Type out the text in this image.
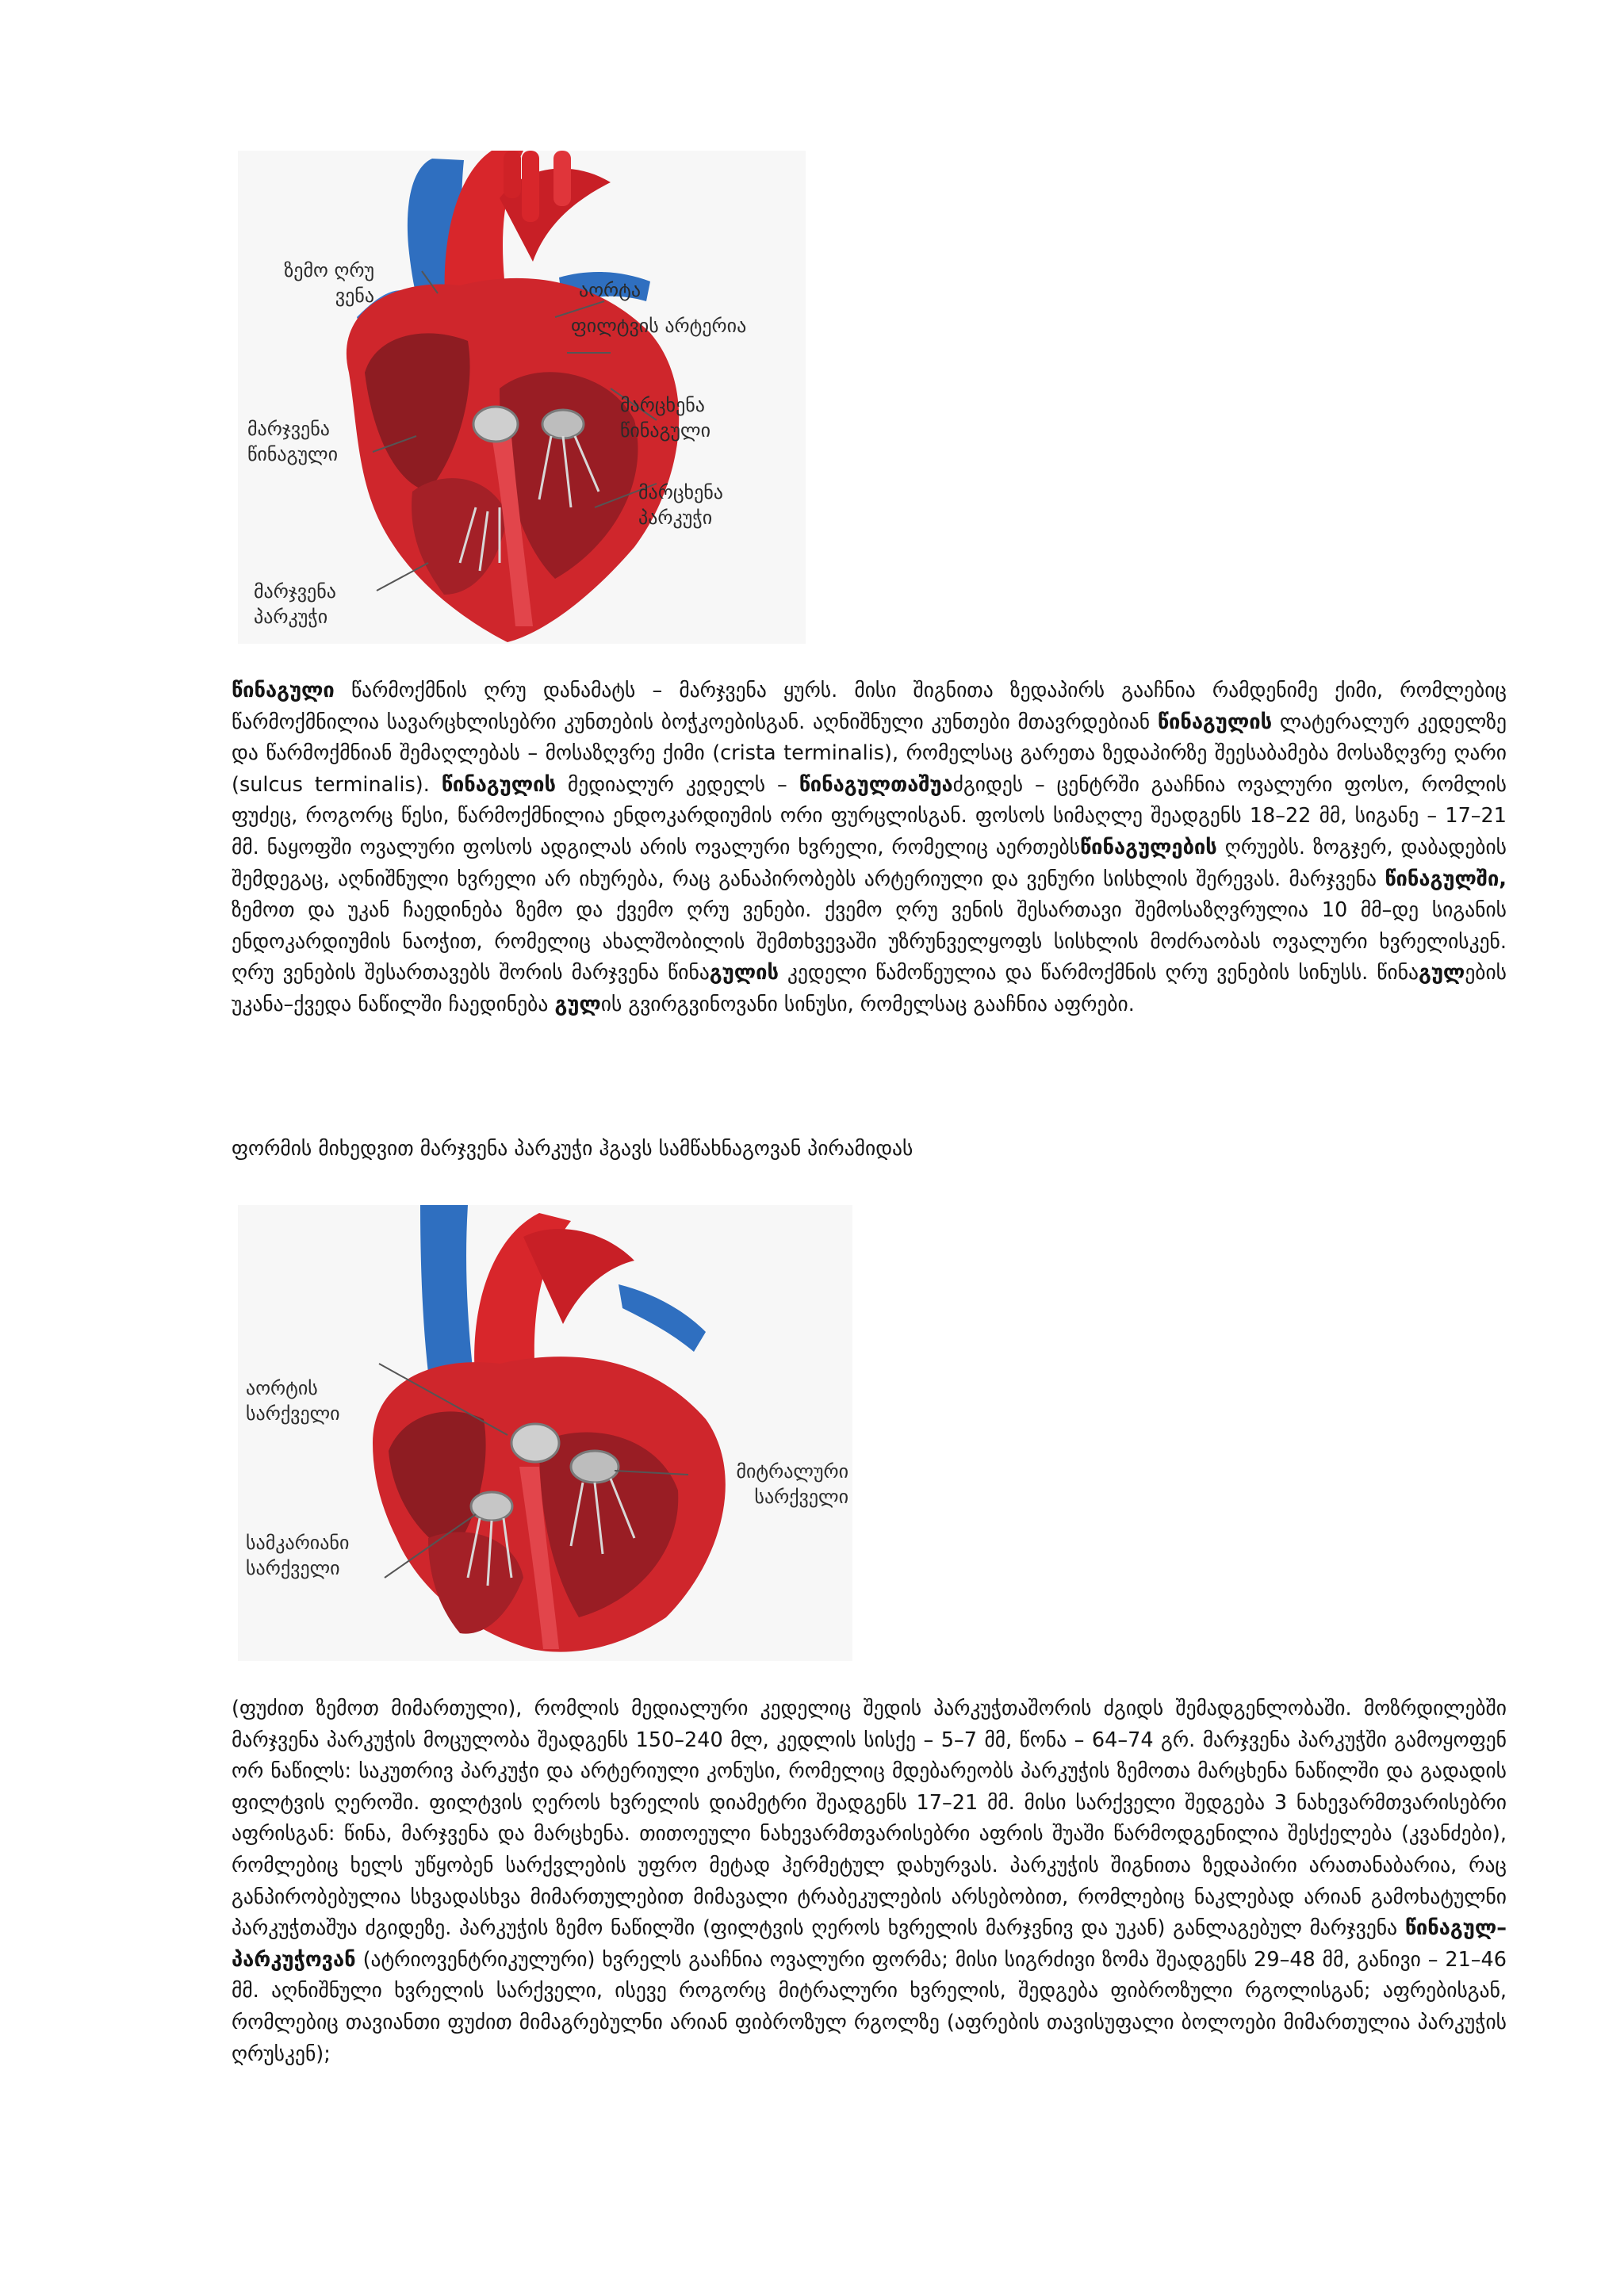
ზემო ღრუ
ვენა	აორტა
ფილტვის არტერია
მარცხენა
წინაგული
მარჯვენა
წინაგული
მარცხენა
პარკუჭი
მარჯვენა
პარკუჭი
წინაგული წარმოქმნის ღრუ დანამატს – მარჯვენა ყურს. მისი შიგნითა ზედაპირს გააჩნია რამდენიმე ქიმი, რომლებიც წარმოქმნილია სავარცხლისებრი კუნთების ბოჭკოებისგან. აღნიშნული კუნთები მთავრდებიან წინაგულის ლატერალურ კედელზე და წარმოქმნიან შემაღლებას – მოსაზღვრე ქიმი (crista terminalis), რომელსაც გარეთა ზედაპირზე შეესაბამება მოსაზღვრე ღარი (sulcus terminalis). წინაგულის მედიალურ კედელს – წინაგულთაშუაძგიდეს – ცენტრში გააჩნია ოვალური ფოსო, რომლის ფუძეც, როგორც წესი, წარმოქმნილია ენდოკარდიუმის ორი ფურცლისგან. ფოსოს სიმაღლე შეადგენს 18–22 მმ, სიგანე – 17–21 მმ. ნაყოფში ოვალური ფოსოს ადგილას არის ოვალური ხვრელი, რომელიც აერთებსწინაგულების ღრუებს. ზოგჯერ, დაბადების შემდეგაც, აღნიშნული ხვრელი არ იხურება, რაც განაპირობებს არტერიული და ვენური სისხლის შერევას. მარჯვენა წინაგულში, ზემოთ და უკან ჩაედინება ზემო და ქვემო ღრუ ვენები. ქვემო ღრუ ვენის შესართავი შემოსაზღვრულია 10 მმ–დე სიგანის ენდოკარდიუმის ნაოჭით, რომელიც ახალშობილის შემთხვევაში უზრუნველყოფს სისხლის მოძრაობას ოვალური ხვრელისკენ. ღრუ ვენების შესართავებს შორის მარჯვენა წინაგულის კედელი წამოწეულია და წარმოქმნის ღრუ ვენების სინუსს. წინაგულების უკანა–ქვედა ნაწილში ჩაედინება გულის გვირგვინოვანი სინუსი, რომელსაც გააჩნია აფრები.
ფორმის მიხედვით მარჯვენა პარკუჭი ჰგავს სამწახნაგოვან პირამიდას
აორტის
სარქველი
მიტრალური
სარქველი
სამკარიანი
სარქველი
(ფუძით ზემოთ მიმართული), რომლის მედიალური კედელიც შედის პარკუჭთაშორის ძგიდს შემადგენლობაში. მოზრდილებში მარჯვენა პარკუჭის მოცულობა შეადგენს 150–240 მლ, კედლის სისქე – 5–7 მმ, წონა – 64–74 გრ. მარჯვენა პარკუჭში გამოყოფენ ორ ნაწილს: საკუთრივ პარკუჭი და არტერიული კონუსი, რომელიც მდებარეობს პარკუჭის ზემოთა მარცხენა ნაწილში და გადადის ფილტვის ღეროში. ფილტვის ღეროს ხვრელის დიამეტრი შეადგენს 17–21 მმ. მისი სარქველი შედგება 3 ნახევარმთვარისებრი აფრისგან: წინა, მარჯვენა და მარცხენა. თითოეული ნახევარმთვარისებრი აფრის შუაში წარმოდგენილია შესქელება (კვანძები), რომლებიც ხელს უწყობენ სარქვლების უფრო მეტად ჰერმეტულ დახურვას. პარკუჭის შიგნითა ზედაპირი არათანაბარია, რაც განპირობებულია სხვადასხვა მიმართულებით მიმავალი ტრაბეკულების არსებობით, რომლებიც ნაკლებად არიან გამოხატულნი პარკუჭთაშუა ძგიდეზე. პარკუჭის ზემო ნაწილში (ფილტვის ღეროს ხვრელის მარჯვნივ და უკან) განლაგებულ მარჯვენა წინაგულ–პარკუჭოვან (ატრიოვენტრიკულური) ხვრელს გააჩნია ოვალური ფორმა; მისი სიგრძივი ზომა შეადგენს 29–48 მმ, განივი – 21–46 მმ. აღნიშნული ხვრელის სარქველი, ისევე როგორც მიტრალური ხვრელის, შედგება ფიბროზული რგოლისგან; აფრებისგან, რომლებიც თავიანთი ფუძით მიმაგრებულნი არიან ფიბროზულ რგოლზე (აფრების თავისუფალი ბოლოები მიმართულია პარკუჭის ღრუსკენ);
